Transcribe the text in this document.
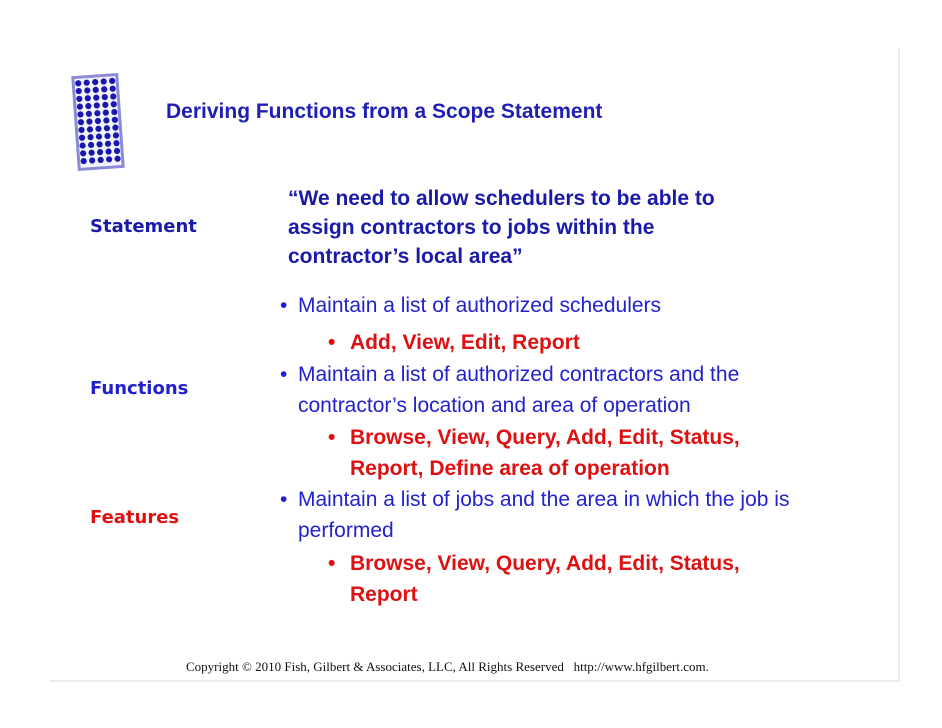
Deriving Functions from a Scope Statement
Statement
Functions
Features
“We need to allow schedulers to be able to
assign contractors to jobs within the
contractor’s local area”
• Maintain a list of authorized schedulers
• Add, View, Edit, Report
• Maintain a list of authorized contractors and the
contractor’s location and area of operation
• Browse, View, Query, Add, Edit, Status,
Report, Define area of operation
• Maintain a list of jobs and the area in which the job is
performed
• Browse, View, Query, Add, Edit, Status,
Report
Copyright © 2010 Fish, Gilbert & Associates, LLC, All Rights Reserved   http://www.hfgilbert.com.
